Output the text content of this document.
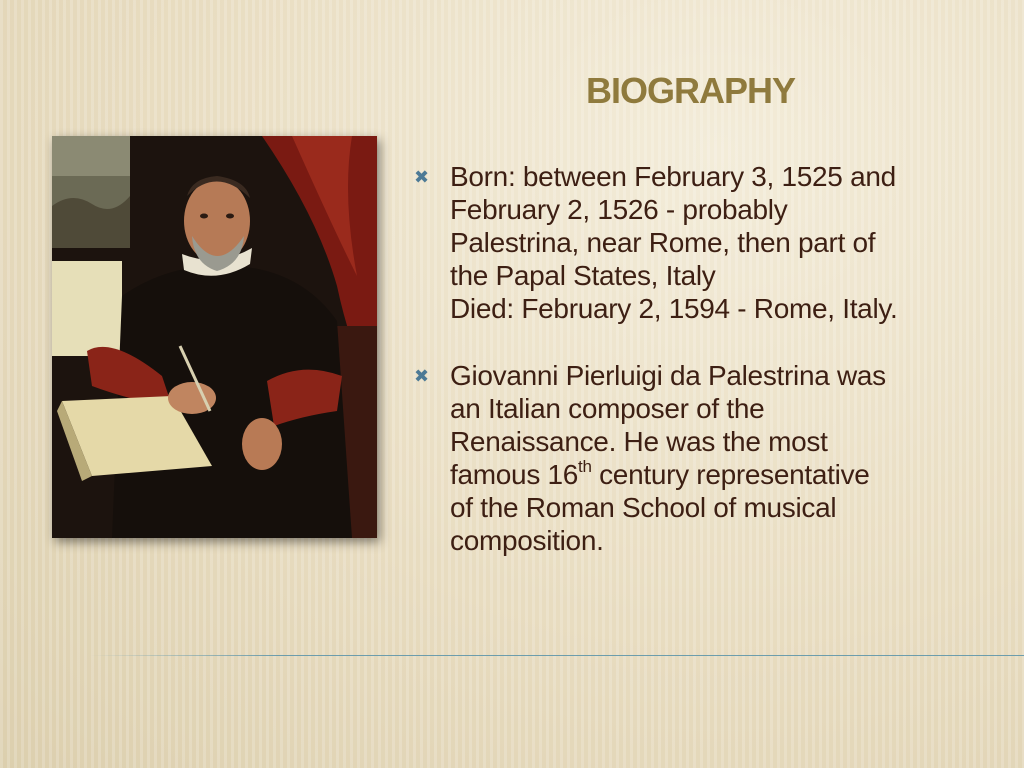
BIOGRAPHY
✖ Born: between February 3, 1525 and
February 2, 1526 - probably
Palestrina, near Rome, then part of
the Papal States, Italy
Died: February 2, 1594 - Rome, Italy.
✖ Giovanni Pierluigi da Palestrina was
an Italian composer of the
Renaissance. He was the most
famous 16th century representative
of the Roman School of musical
composition.
